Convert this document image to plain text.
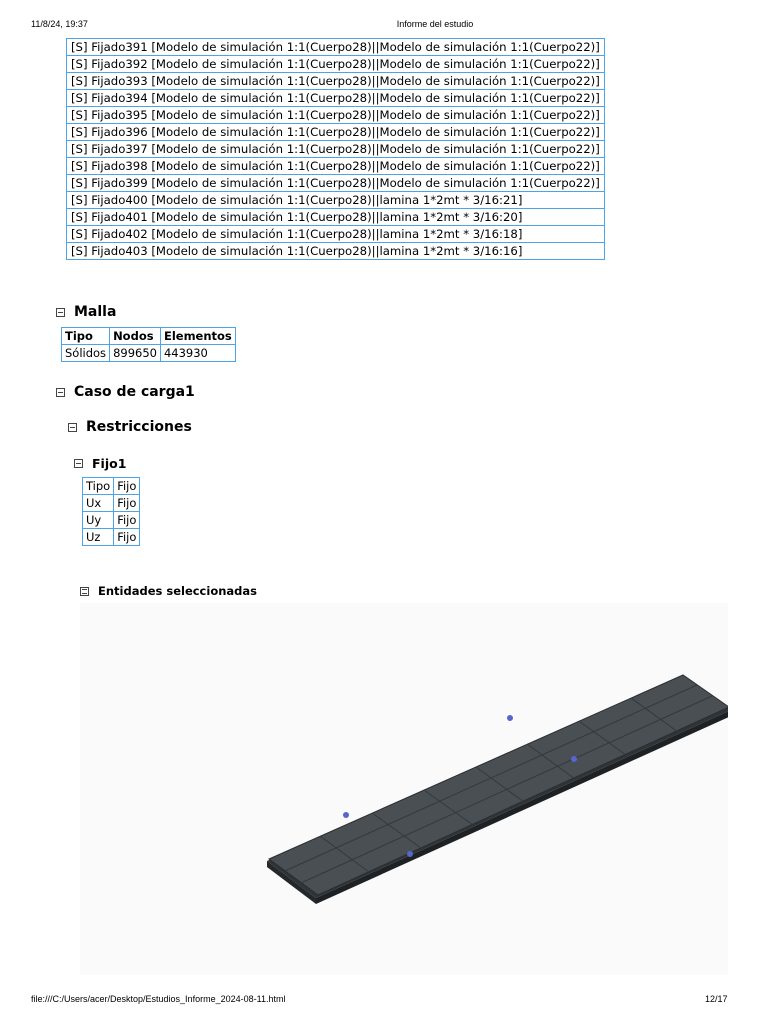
11/8/24, 19:37	Informe del estudio
[S] Fijado391 [Modelo de simulación 1:1(Cuerpo28)||Modelo de simulación 1:1(Cuerpo22)]
[S] Fijado392 [Modelo de simulación 1:1(Cuerpo28)||Modelo de simulación 1:1(Cuerpo22)]
[S] Fijado393 [Modelo de simulación 1:1(Cuerpo28)||Modelo de simulación 1:1(Cuerpo22)]
[S] Fijado394 [Modelo de simulación 1:1(Cuerpo28)||Modelo de simulación 1:1(Cuerpo22)]
[S] Fijado395 [Modelo de simulación 1:1(Cuerpo28)||Modelo de simulación 1:1(Cuerpo22)]
[S] Fijado396 [Modelo de simulación 1:1(Cuerpo28)||Modelo de simulación 1:1(Cuerpo22)]
[S] Fijado397 [Modelo de simulación 1:1(Cuerpo28)||Modelo de simulación 1:1(Cuerpo22)]
[S] Fijado398 [Modelo de simulación 1:1(Cuerpo28)||Modelo de simulación 1:1(Cuerpo22)]
[S] Fijado399 [Modelo de simulación 1:1(Cuerpo28)||Modelo de simulación 1:1(Cuerpo22)]
[S] Fijado400 [Modelo de simulación 1:1(Cuerpo28)||lamina 1*2mt * 3/16:21]
[S] Fijado401 [Modelo de simulación 1:1(Cuerpo28)||lamina 1*2mt * 3/16:20]
[S] Fijado402 [Modelo de simulación 1:1(Cuerpo28)||lamina 1*2mt * 3/16:18]
[S] Fijado403 [Modelo de simulación 1:1(Cuerpo28)||lamina 1*2mt * 3/16:16]
Malla
Tipo	Nodos	Elementos
Sólidos	899650	443930
Caso de carga1
Restricciones
Fijo1
Tipo	Fijo
Ux	Fijo
Uy	Fijo
Uz	Fijo
Entidades seleccionadas
file:///C:/Users/acer/Desktop/Estudios_Informe_2024-08-11.html	12/17
